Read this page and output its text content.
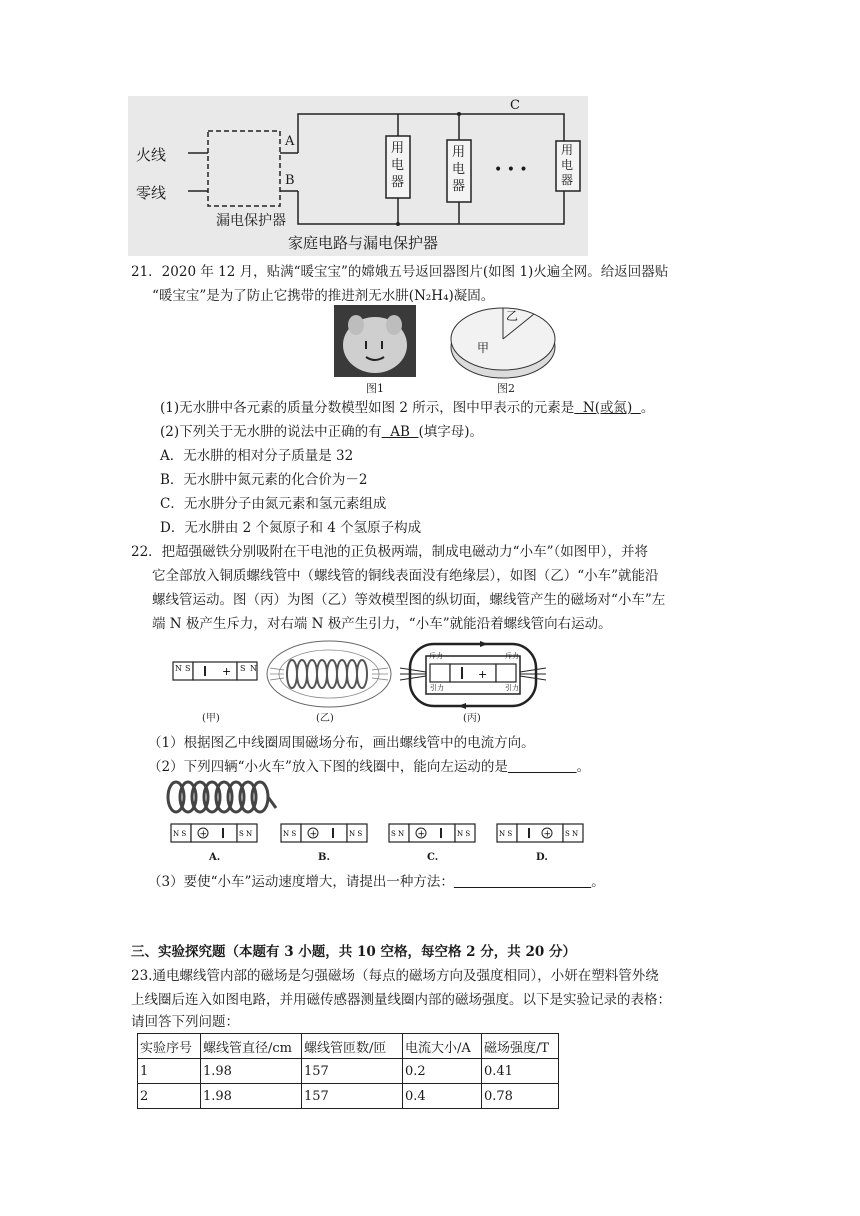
火线
零线
A
B
C
漏电保护器
用电器
用电器
• • •
用电器
家庭电路与漏电保护器
21．2020 年 12 月，贴满“暖宝宝”的嫦娥五号返回器图片(如图 1)火遍全网。给返回器贴
“暖宝宝”是为了防止它携带的推进剂无水肼(N₂H₄)凝固。
图1
乙
甲
图2
(1)无水肼中各元素的质量分数模型如图 2 所示，图中甲表示的元素是  N(或氮)  。
(2)下列关于无水肼的说法中正确的有  AB  (填字母)。
A．无水肼的相对分子质量是 32
B．无水肼中氮元素的化合价为－2
C．无水肼分子由氮元素和氢元素组成
D．无水肼由 2 个氮原子和 4 个氢原子构成
22．把超强磁铁分别吸附在干电池的正负极两端，制成电磁动力“小车”（如图甲），并将
它全部放入铜质螺线管中（螺线管的铜线表面没有绝缘层），如图（乙）“小车”就能沿
螺线管运动。图（丙）为图（乙）等效模型图的纵切面，螺线管产生的磁场对“小车”左
端 N 极产生斥力，对右端 N 极产生引力，“小车”就能沿着螺线管向右运动。
+
N S	S N
(甲)	(乙)
+
斥力
引力
斥力
引力
(丙)
（1）根据图乙中线圈周围磁场分布，画出螺线管中的电流方向。
（2）下列四辆“小火车”放入下图的线圈中，能向左运动的是	。
N S +	S N	N S +	N S	S N +	N S	N S	+ S N
A.	B.	C.	D.
（3）要使“小车”运动速度增大，请提出一种方法：	。
三、实验探究题（本题有 3 小题，共 10 空格，每空格 2 分，共 20 分）
23.通电螺线管内部的磁场是匀强磁场（每点的磁场方向及强度相同），小妍在塑料管外绕
上线圈后连入如图电路，并用磁传感器测量线圈内部的磁场强度。以下是实验记录的表格：
请回答下列问题：
实验序号	螺线管直径/cm	螺线管匝数/匝	电流大小/A	磁场强度/T
1	1.98	157	0.2	0.41
2	1.98	157	0.4	0.78
